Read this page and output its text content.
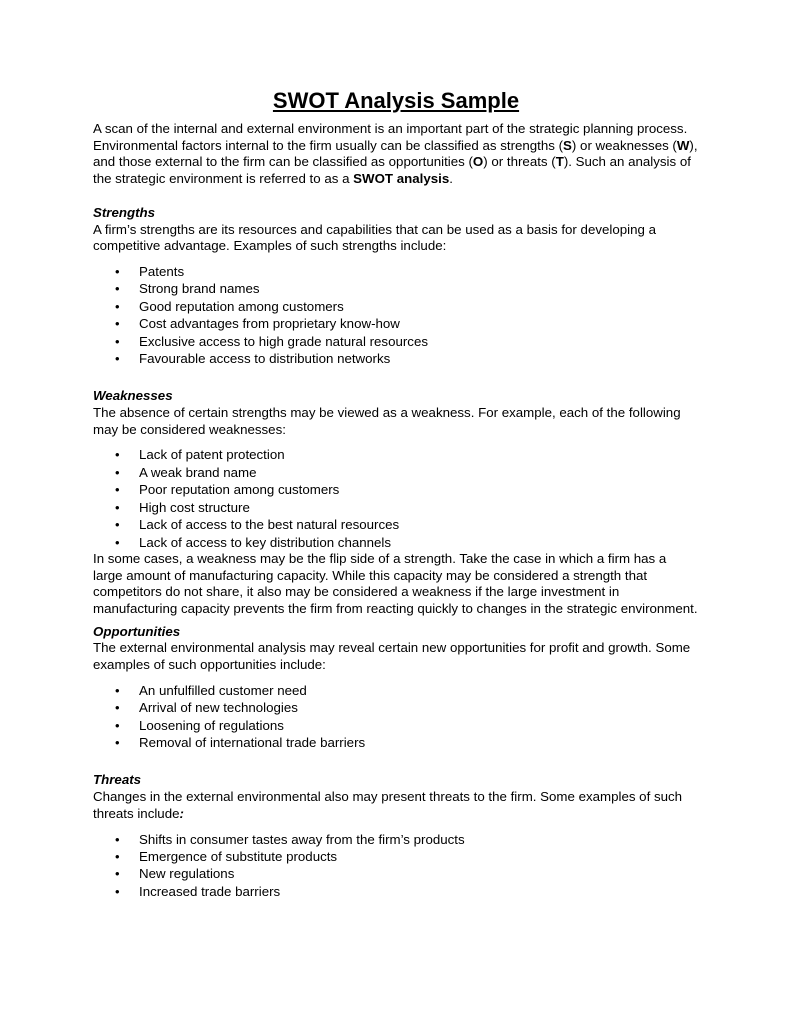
SWOT Analysis Sample

A scan of the internal and external environment is an important part of the strategic planning process. Environmental factors internal to the firm usually can be classified as strengths (S) or weaknesses (W), and those external to the firm can be classified as opportunities (O) or threats (T). Such an analysis of the strategic environment is referred to as a SWOT analysis.

Strengths

A firm’s strengths are its resources and capabilities that can be used as a basis for developing a competitive advantage. Examples of such strengths include:

• Patents
• Strong brand names
• Good reputation among customers
• Cost advantages from proprietary know-how
• Exclusive access to high grade natural resources
• Favourable access to distribution networks

Weaknesses

The absence of certain strengths may be viewed as a weakness. For example, each of the following may be considered weaknesses:

• Lack of patent protection
• A weak brand name
• Poor reputation among customers
• High cost structure
• Lack of access to the best natural resources
• Lack of access to key distribution channels

In some cases, a weakness may be the flip side of a strength. Take the case in which a firm has a large amount of manufacturing capacity. While this capacity may be considered a strength that competitors do not share, it also may be considered a weakness if the large investment in manufacturing capacity prevents the firm from reacting quickly to changes in the strategic environment.

Opportunities

The external environmental analysis may reveal certain new opportunities for profit and growth. Some examples of such opportunities include:

• An unfulfilled customer need
• Arrival of new technologies
• Loosening of regulations
• Removal of international trade barriers

Threats

Changes in the external environmental also may present threats to the firm. Some examples of such threats include:

• Shifts in consumer tastes away from the firm’s products
• Emergence of substitute products
• New regulations
• Increased trade barriers
